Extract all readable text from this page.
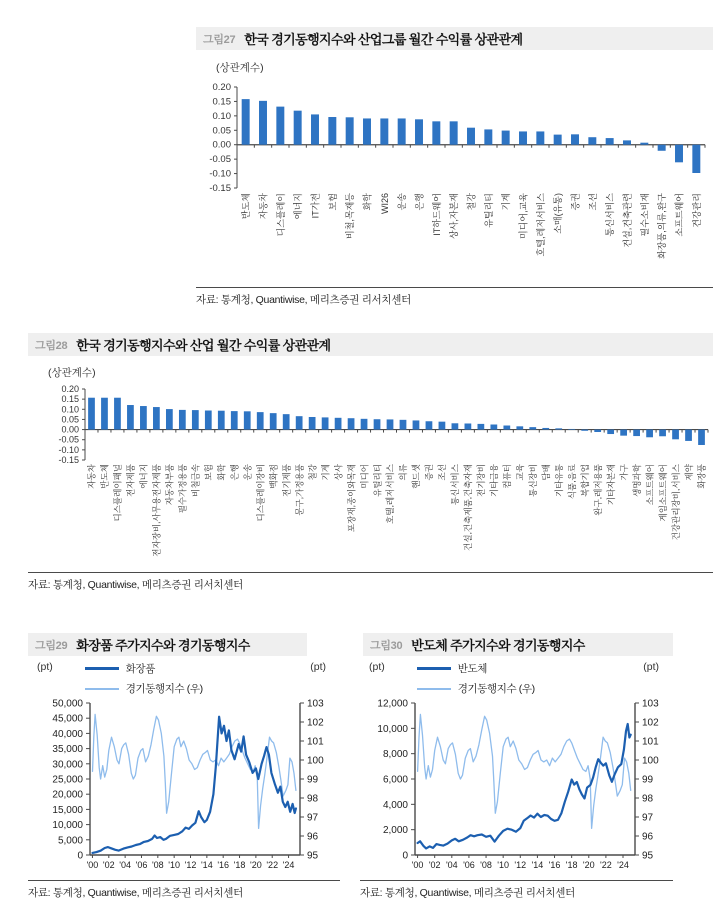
그림27 한국 경기동행지수와 산업그룹 월간 수익률 상관관계
(상관계수)
0.20
0.15
0.10
0.05
0.00
-0.05
-0.10
-0.15
반도체 자동차 디스플레이 에너지 IT가전 보험 비철,목재등 화학 WI26 운송 은행 IT하드웨어 상사,자본재 철강 유틸리티 기계 미디어,교육 호텔,레저서비스 소매(유통) 증권 조선 통신서비스 건설,건축관련 필수소비재 화장품,의류,완구 소프트웨어 건강관리
자료: 통계청, Quantiwise, 메리츠증권 리서치센터
그림28 한국 경기동행지수와 산업 월간 수익률 상관관계
(상관계수)
0.20
0.15
0.10
0.05
0.00
-0.05
-0.10
-0.15
자동차 반도체 디스플레이패널 전자제품 에너지 전자장비,사무용전자제품 자동차부품 필수가정용품 비철금속 보험 화학 은행 운송 디스플레이장비 백화점 전기제품 문구,가정용품 철강 기계 상사 포장재,종이와목재 미디어 유틸리티 호텔,레저서비스 의류 핸드셋 증권 조선 통신서비스 건설,건축제품,건축자재 전기장비 기타금융 컴퓨터 교육 통신장비 담배 기타유통 식품,음료 복합기업 완구,레저용품 기타자본재 가구 생명과학 소프트웨어 게임소프트웨어 건강관리장비,서비스 제약 화장품
자료: 통계청, Quantiwise, 메리츠증권 리서치센터
그림29 화장품 주가지수와 경기동행지수
(pt)	화장품
경기동행지수 (우)
(pt)
0
5,000
10,000
15,000
20,000
25,000
30,000
35,000
40,000
45,000
50,000
95
96
97
98
99
100
101
102
103
'00 '02 '04 '06 '08 '10 '12 '14 '16 '18 '20 '22 '24
자료: 통계청, Quantiwise, 메리츠증권 리서치센터
그림30 반도체 주가지수와 경기동행지수
(pt)	반도체
경기동행지수 (우)
(pt)
0
2,000
4,000
6,000
8,000
10,000
12,000
95
96
97
98
99
100
101
102
103
'00 '02 '04 '06 '08 '10 '12 '14 '16 '18 '20 '22 '24
자료: 통계청, Quantiwise, 메리츠증권 리서치센터
